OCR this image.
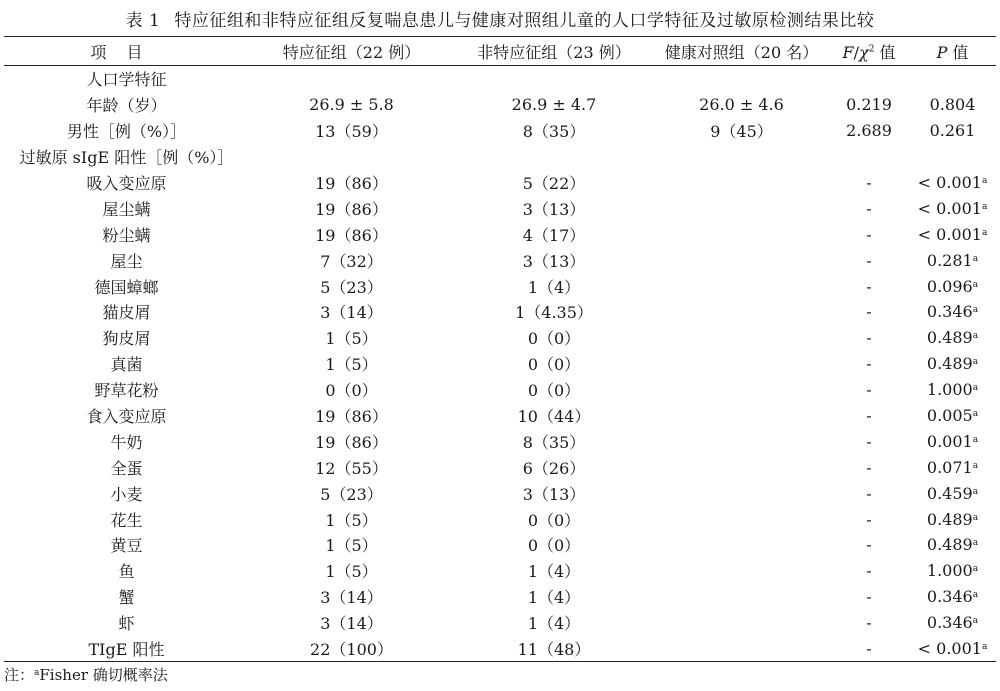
表 1 特应征组和非特应征组反复喘息患儿与健康对照组儿童的人口学特征及过敏原检测结果比较
项目	特应征组（22 例）	非特应征组（23 例）	健康对照组（20 名）	$F/\chi^2$ 值	P 值
人口学特征					
年龄（岁）	26.9 ± 5.8	26.9 ± 4.7	26.0 ± 4.6	0.219	0.804
男性［例（%）］	13（59）	8（35）	9（45）	2.689	0.261
过敏原 sIgE 阳性［例（%）］					
吸入变应原	19（86）	5（22）		-	< 0.001$^a$
屋尘螨	19（86）	3（13）		-	< 0.001$^a$
粉尘螨	19（86）	4（17）		-	< 0.001$^a$
屋尘	7（32）	3（13）		-	0.281$^a$
德国蟑螂	5（23）	1（4）		-	0.096$^a$
猫皮屑	3（14）	1（4.35）		-	0.346$^a$
狗皮屑	1（5）	0（0）		-	0.489$^a$
真菌	1（5）	0（0）		-	0.489$^a$
野草花粉	0（0）	0（0）		-	1.000$^a$
食入变应原	19（86）	10（44）		-	0.005$^a$
牛奶	19（86）	8（35）		-	0.001$^a$
全蛋	12（55）	6（26）		-	0.071$^a$
小麦	5（23）	3（13）		-	0.459$^a$
花生	1（5）	0（0）		-	0.489$^a$
黄豆	1（5）	0（0）		-	0.489$^a$
鱼	1（5）	1（4）		-	1.000$^a$
蟹	3（14）	1（4）		-	0.346$^a$
虾	3（14）	1（4）		-	0.346$^a$
TIgE 阳性	22（100）	11（48）		-	< 0.001$^a$
注：$^a$Fisher 确切概率法
